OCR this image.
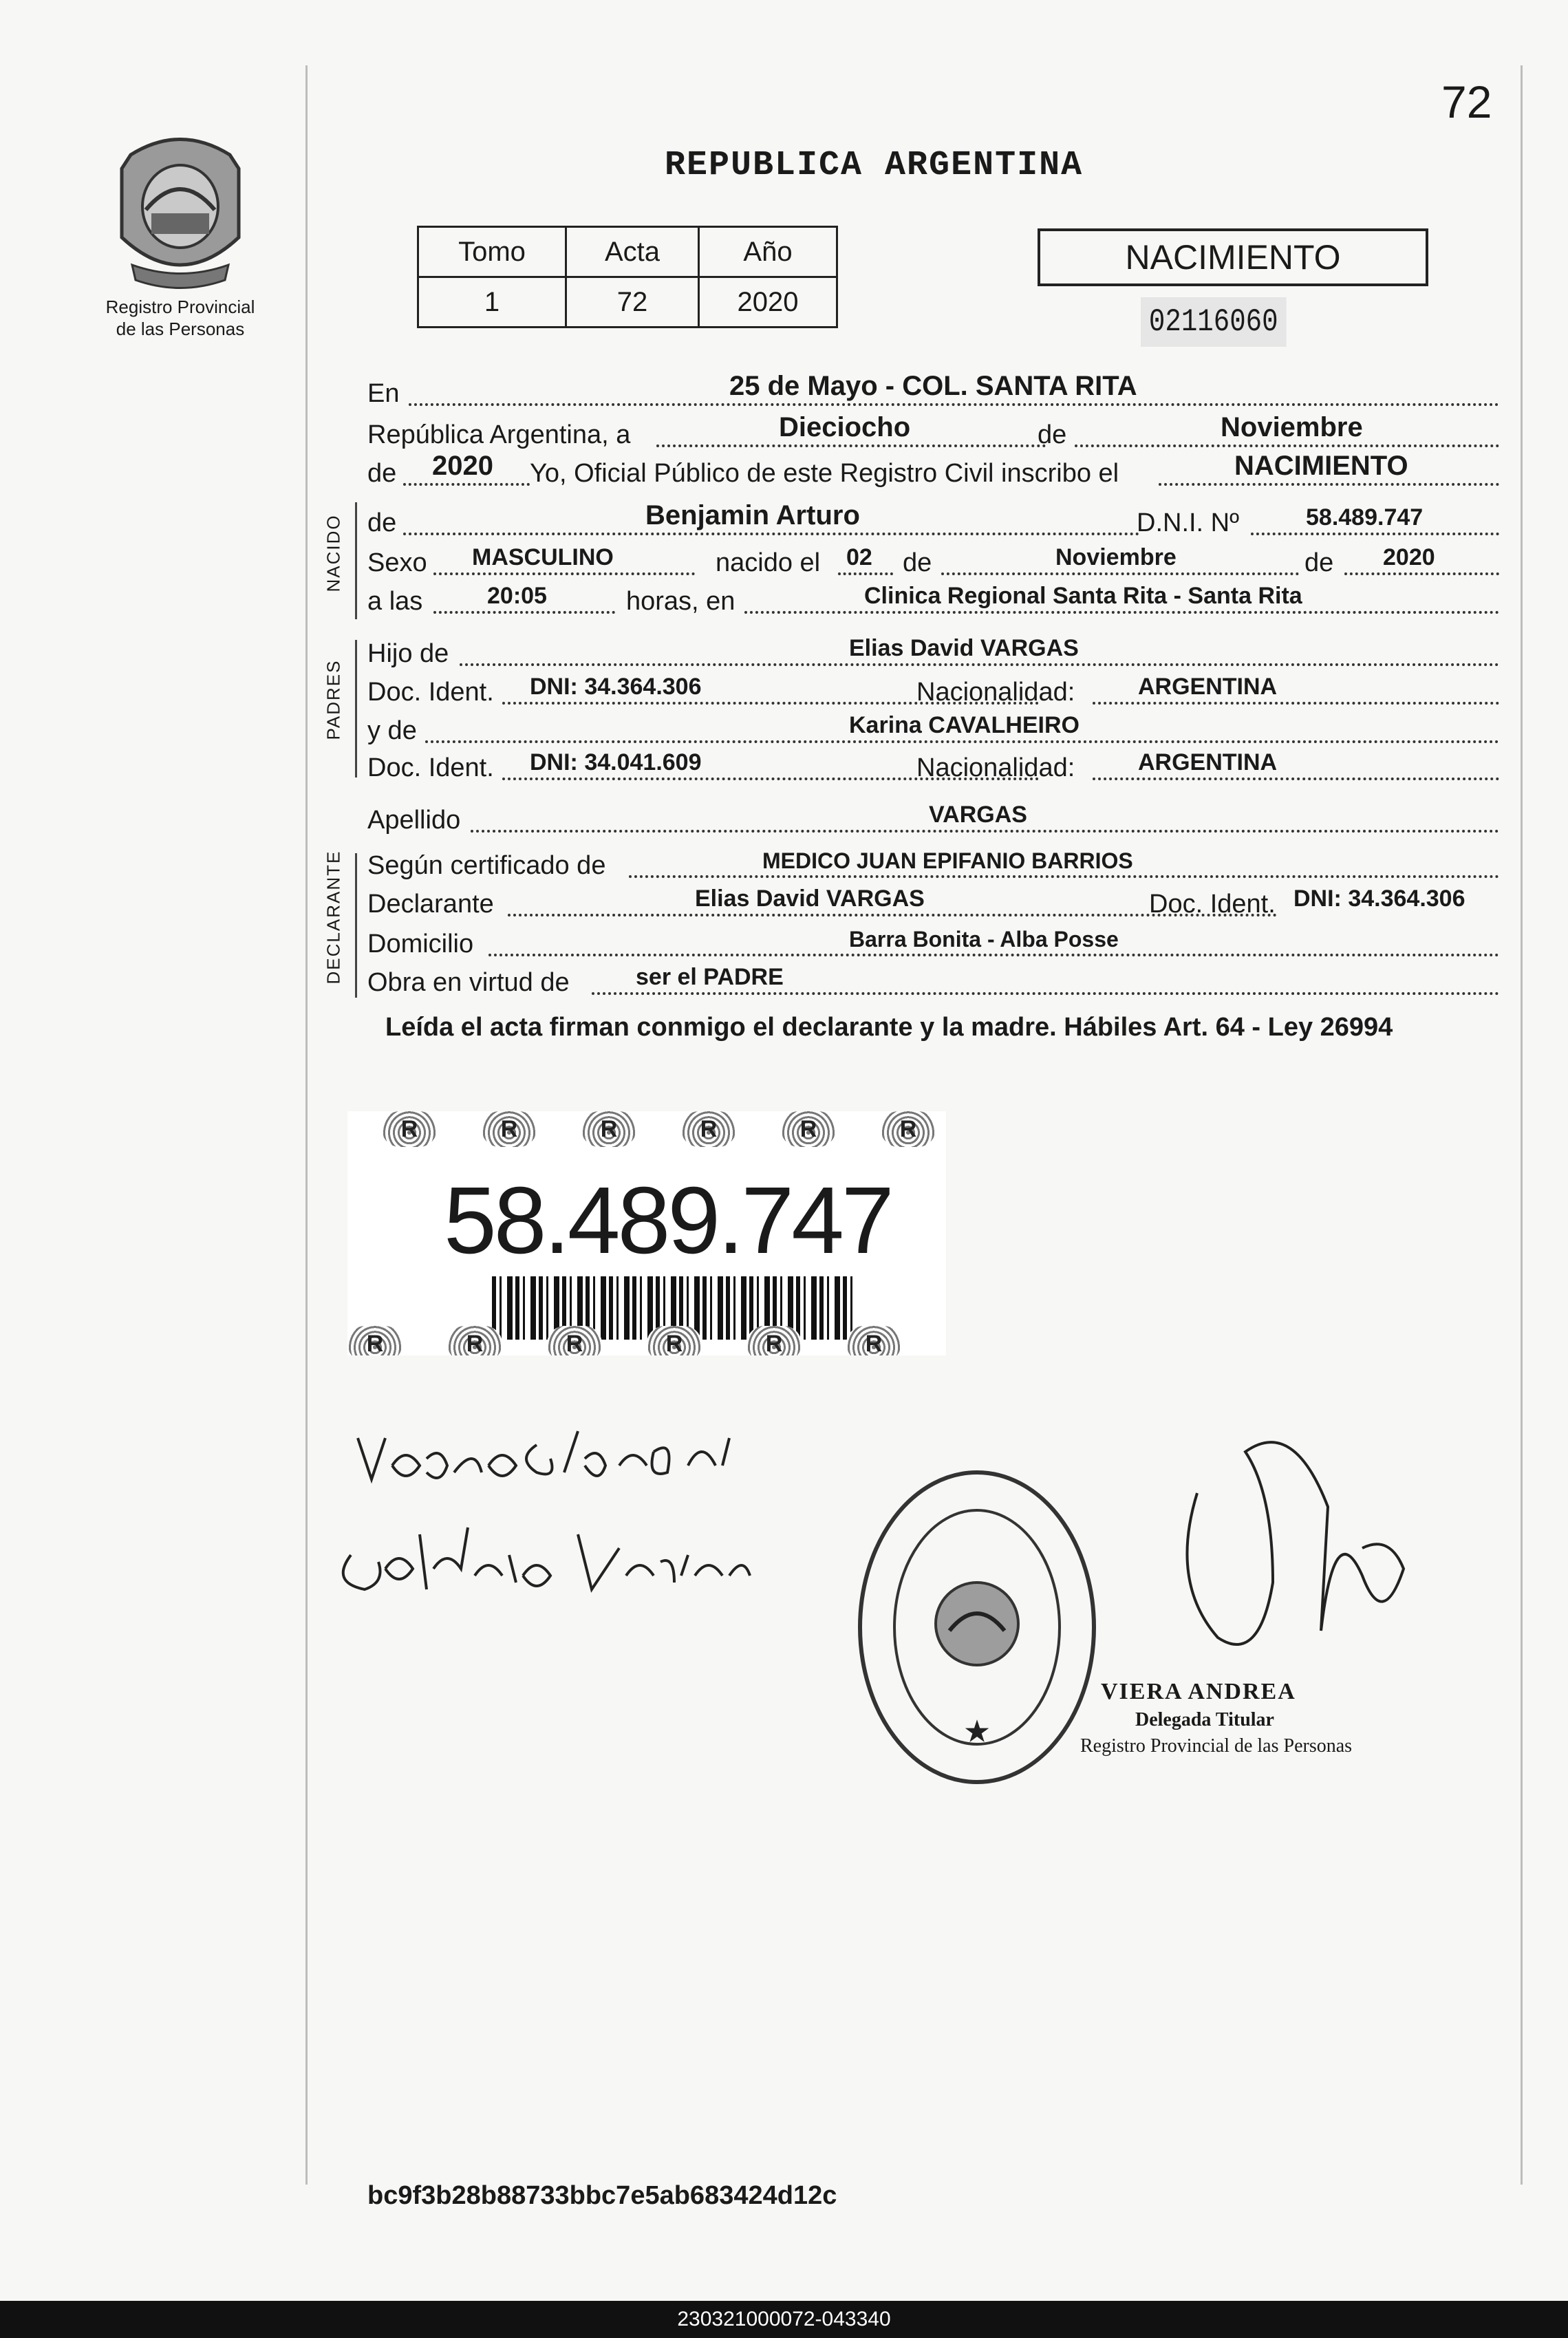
72
Registro Provincial
de las Personas
REPUBLICA ARGENTINA
Tomo	Acta	Año
1	72	2020
NACIMIENTO
02116060
En	25 de Mayo - COL. SANTA RITA
República Argentina, a	Dieciocho	de	Noviembre
de 2020 Yo, Oficial Público de este Registro Civil inscribo el	NACIMIENTO
NACIDO de	Benjamin Arturo	D.N.I. Nº	58.489.747
Sexo MASCULINO	nacido el 02 de	Noviembre	de 2020
a las	20:05	horas, en	Clinica Regional Santa Rita - Santa Rita
PADRES
Hijo de	Elias David VARGAS
Doc. Ident. DNI: 34.364.306	Nacionalidad:	ARGENTINA
y de	Karina CAVALHEIRO
Doc. Ident. DNI: 34.041.609	Nacionalidad:	ARGENTINA
Apellido	VARGAS
DECLARANTE Según certificado de	MEDICO JUAN EPIFANIO BARRIOS
Declarante	Elias David VARGAS	Doc. Ident. DNI: 34.364.306
Domicilio	Barra Bonita - Alba Posse
Obra en virtud de	ser el PADRE
Leída el acta firman conmigo el declarante y la madre. Hábiles Art. 64 - Ley 26994
R	R	R	R	R	R
58.489.747
R	R	R	R	R	R
★
VIERA ANDREA
Delegada Titular
Registro Provincial de las Personas
bc9f3b28b88733bbc7e5ab683424d12c
230321000072-043340
